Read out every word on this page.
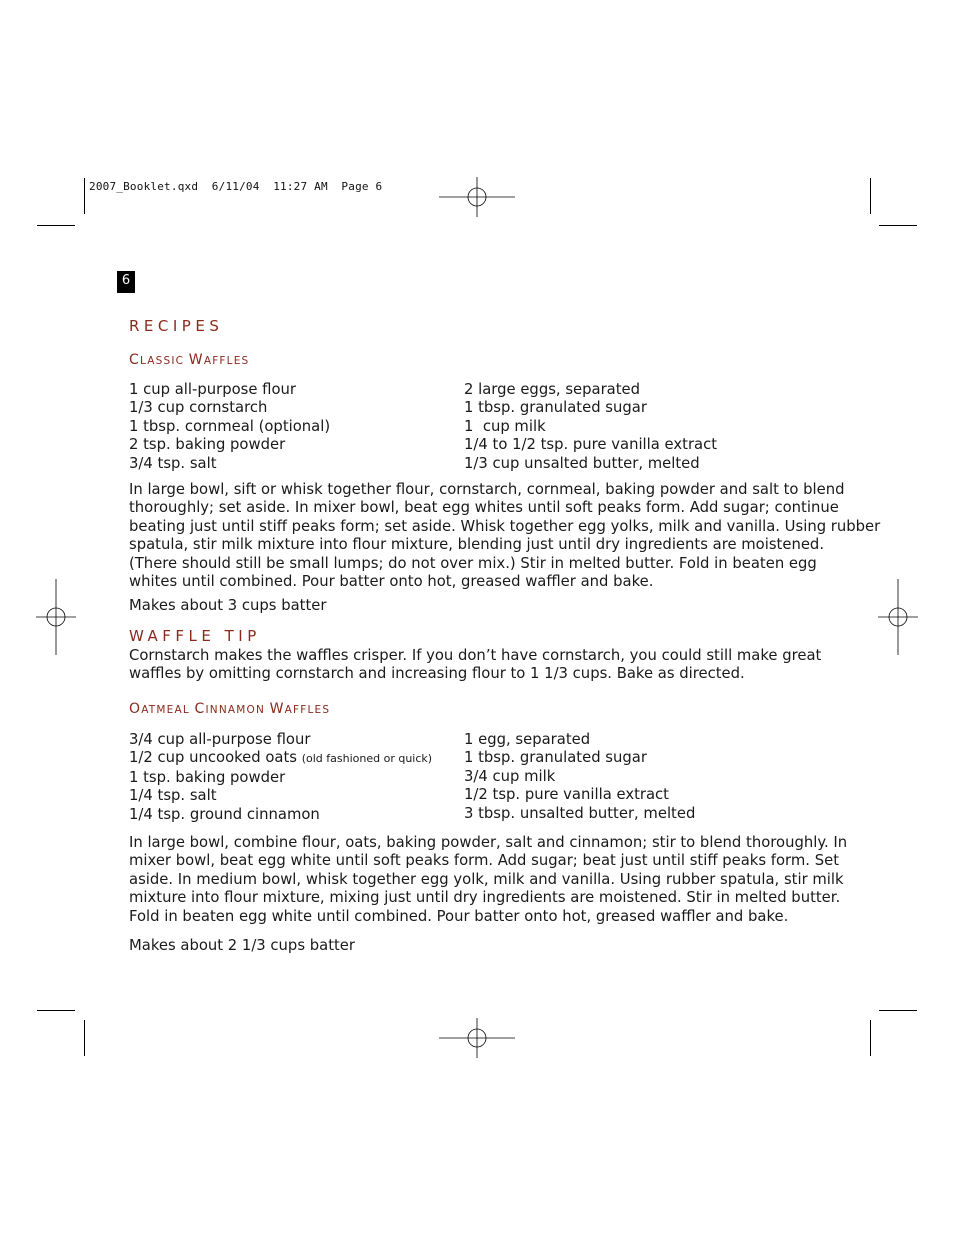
2007_Booklet.qxd  6/11/04  11:27 AM  Page 6
6
RECIPES
CLASSIC WAFFLES
1 cup all-purpose flour
1/3 cup cornstarch
1 tbsp. cornmeal (optional)
2 tsp. baking powder
3/4 tsp. salt
2 large eggs, separated
1 tbsp. granulated sugar
1  cup milk
1/4 to 1/2 tsp. pure vanilla extract
1/3 cup unsalted butter, melted
In large bowl, sift or whisk together flour, cornstarch, cornmeal, baking powder and salt to blend
thoroughly; set aside. In mixer bowl, beat egg whites until soft peaks form. Add sugar; continue
beating just until stiff peaks form; set aside. Whisk together egg yolks, milk and vanilla. Using rubber
spatula, stir milk mixture into flour mixture, blending just until dry ingredients are moistened.
(There should still be small lumps; do not over mix.) Stir in melted butter. Fold in beaten egg
whites until combined. Pour batter onto hot, greased waffler and bake.
Makes about 3 cups batter
WAFFLE TIP
Cornstarch makes the waffles crisper. If you don’t have cornstarch, you could still make great
waffles by omitting cornstarch and increasing flour to 1 1/3 cups. Bake as directed.
OATMEAL CINNAMON WAFFLES
3/4 cup all-purpose flour
1/2 cup uncooked oats (old fashioned or quick)
1 tsp. baking powder
1/4 tsp. salt
1/4 tsp. ground cinnamon
1 egg, separated
1 tbsp. granulated sugar
3/4 cup milk
1/2 tsp. pure vanilla extract
3 tbsp. unsalted butter, melted
In large bowl, combine flour, oats, baking powder, salt and cinnamon; stir to blend thoroughly. In
mixer bowl, beat egg white until soft peaks form. Add sugar; beat just until stiff peaks form. Set
aside. In medium bowl, whisk together egg yolk, milk and vanilla. Using rubber spatula, stir milk
mixture into flour mixture, mixing just until dry ingredients are moistened. Stir in melted butter.
Fold in beaten egg white until combined. Pour batter onto hot, greased waffler and bake.
Makes about 2 1/3 cups batter
